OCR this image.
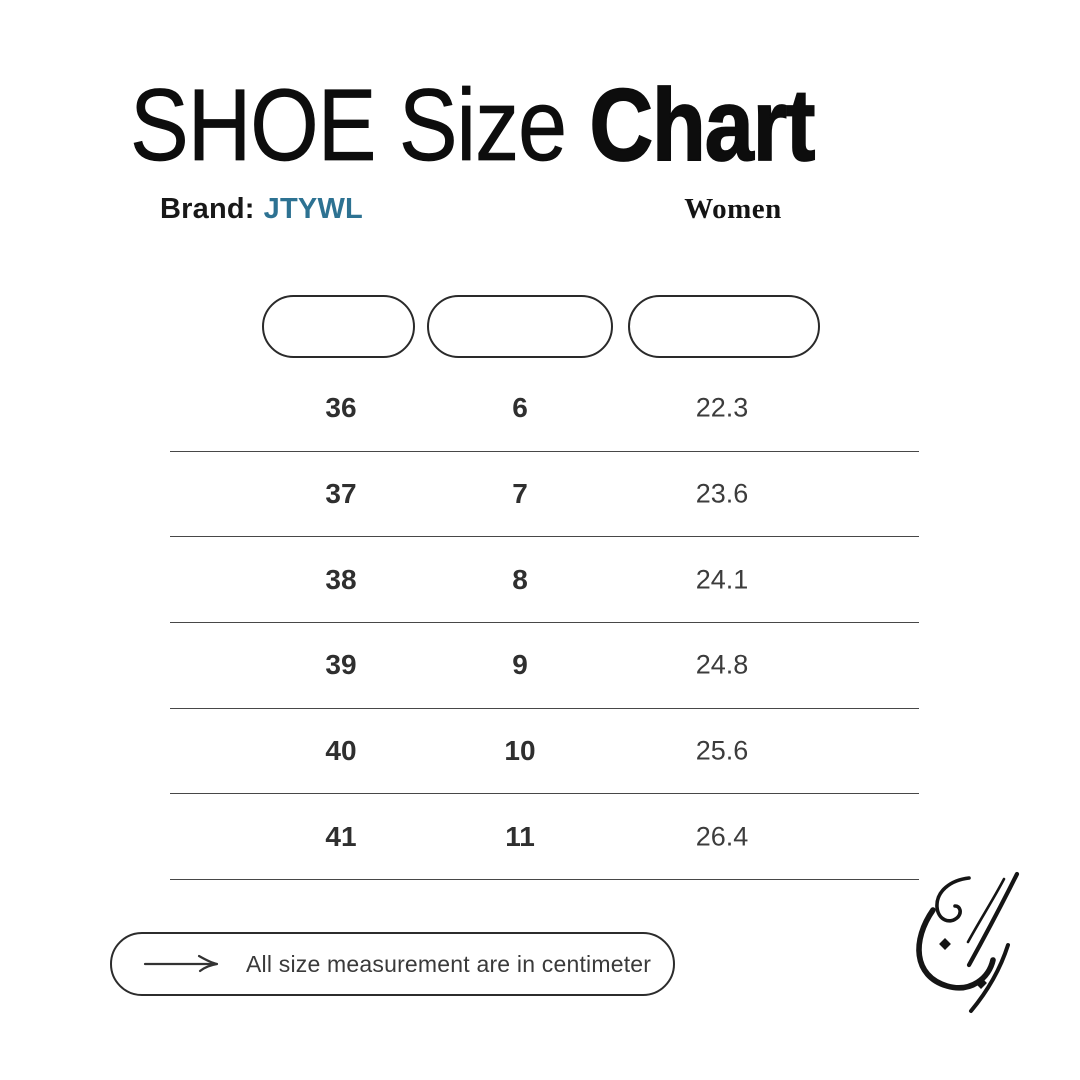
SHOE Size Chart
Brand: JTYWL	Women
36	6	22.3
37	7	23.6
38	8	24.1
39	9	24.8
40	10	25.6
41	11	26.4
All size measurement are in centimeter
